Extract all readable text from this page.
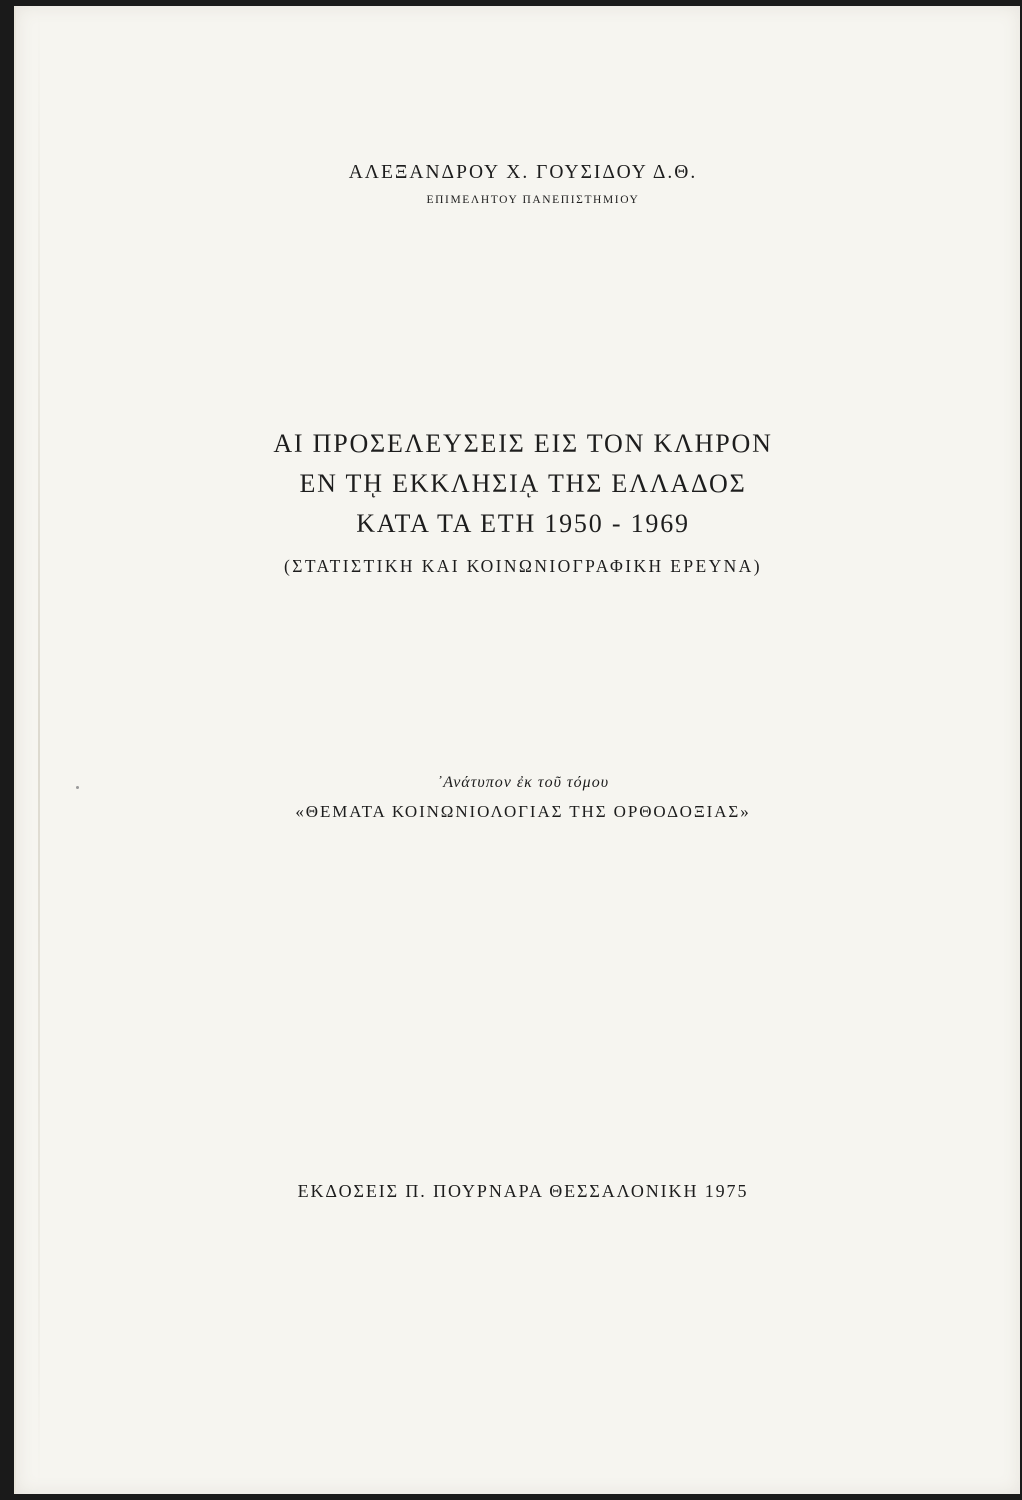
ΑΛΕΞΑΝΔΡΟΥ Χ. ΓΟΥΣΙΔΟΥ Δ.Θ.
ΕΠΙΜΕΛΗΤΟΥ ΠΑΝΕΠΙΣΤΗΜΙΟΥ
ΑΙ ΠΡΟΣΕΛΕΥΣΕΙΣ ΕΙΣ ΤΟΝ ΚΛΗΡΟΝ
ΕΝ Τῌ ΕΚΚΛΗΣΙᾼ ΤΗΣ ΕΛΛΑΔΟΣ
ΚΑΤΑ ΤΑ ΕΤΗ 1950 - 1969
(ΣΤΑΤΙΣΤΙΚΗ ΚΑΙ ΚΟΙΝΩΝΙΟΓΡΑΦΙΚΗ ΕΡΕΥΝΑ)
᾿Ανάτυπον ἐκ τοῦ τόμου
«ΘΕΜΑΤΑ ΚΟΙΝΩΝΙΟΛΟΓΙΑΣ ΤΗΣ ΟΡΘΟΔΟΞΙΑΣ»
ΕΚΔΟΣΕΙΣ Π. ΠΟΥΡΝΑΡΑ ΘΕΣΣΑΛΟΝΙΚΗ 1975
